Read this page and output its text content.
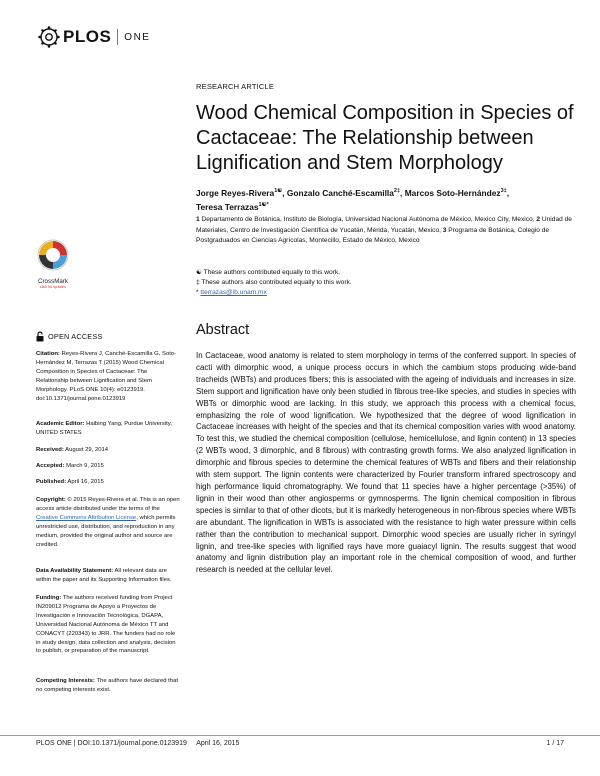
PLOS ONE
RESEARCH ARTICLE
Wood Chemical Composition in Species of Cactaceae: The Relationship between Lignification and Stem Morphology
Jorge Reyes-Rivera$^{1☯}$, Gonzalo Canché-Escamilla$^{2\ddagger}$, Marcos Soto-Hernández$^{3\ddagger}$,
Teresa Terrazas$^{1☯*}$
1 Departamento de Botánica, Instituto de Biología, Universidad Nacional Autónoma de México, Mexico City, Mexico, 2 Unidad de Materiales, Centro de Investigación Científica de Yucatán, Mérida, Yucatán, Mexico, 3 Programa de Botánica, Colegio de Postgraduados en Ciencias Agrícolas, Montecillo, Estado de México, Mexico
☯ These authors contributed equally to this work.
‡ These authors also contributed equally to this work.
* tterrazas@ib.unam.mx
CrossMark
click for updates
OPEN ACCESS
Citation: Reyes-Rivera J, Canché-Escamilla G, Soto-Hernández M, Terrazas T (2015) Wood Chemical Composition in Species of Cactaceae: The Relationship between Lignification and Stem Morphology. PLoS ONE 10(4): e0123919. doi:10.1371/journal.pone.0123919
Academic Editor: Haibing Yang, Purdue University, UNITED STATES
Received: August 29, 2014
Accepted: March 9, 2015
Published: April 16, 2015
Copyright: © 2015 Reyes-Rivera et al. This is an open access article distributed under the terms of the Creative Commons Attribution License, which permits unrestricted use, distribution, and reproduction in any medium, provided the original author and source are credited.
Data Availability Statement: All relevant data are within the paper and its Supporting Information files.
Funding: The authors received funding from Project IN209012 Programa de Apoyo a Proyectos de Investigación e Innovación Tecnológica, DGAPA, Universidad Nacional Autónoma de México TT and CONACYT (220343) to JRR. The funders had no role in study design, data collection and analysis, decision to publish, or preparation of the manuscript.
Competing Interests: The authors have declared that no competing interests exist.
Abstract
In Cactaceae, wood anatomy is related to stem morphology in terms of the conferred support. In species of cacti with dimorphic wood, a unique process occurs in which the cambium stops producing wide-band tracheids (WBTs) and produces fibers; this is associated with the ageing of individuals and increases in size. Stem support and lignification have only been studied in fibrous tree-like species, and studies in species with WBTs or dimorphic wood are lacking. In this study, we approach this process with a chemical focus, emphasizing the role of wood lignification. We hypothesized that the degree of wood lignification in Cactaceae increases with height of the species and that its chemical composition varies with wood anatomy. To test this, we studied the chemical composition (cellulose, hemicellulose, and lignin content) in 13 species (2 WBTs wood, 3 dimorphic, and 8 fibrous) with contrasting growth forms. We also analyzed lignification in dimorphic and fibrous species to determine the chemical features of WBTs and fibers and their relationship with stem support. The lignin contents were characterized by Fourier transform infrared spectroscopy and high performance liquid chromatography. We found that 11 species have a higher percentage (>35%) of lignin in their wood than other angiosperms or gymnosperms. The lignin chemical composition in fibrous species is similar to that of other dicots, but it is markedly heterogeneous in non-fibrous species where WBTs are abundant. The lignification in WBTs is associated with the resistance to high water pressure within cells rather than the contribution to mechanical support. Dimorphic wood species are usually richer in syringyl lignin, and tree-like species with lignified rays have more guaiacyl lignin. The results suggest that wood anatomy and lignin distribution play an important role in the chemical composition of wood, and further research is needed at the cellular level.
PLOS ONE | DOI:10.1371/journal.pone.0123919     April 16, 2015	1 / 17
